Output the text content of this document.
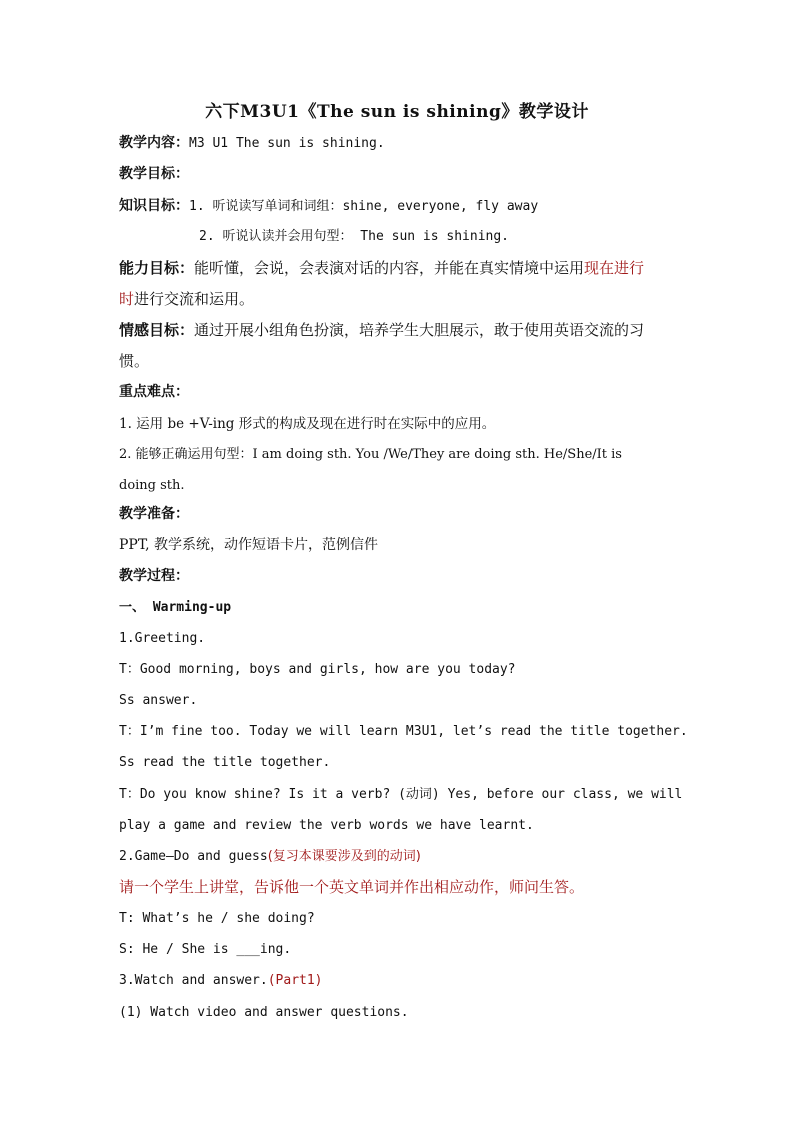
六下M3U1《The sun is shining》教学设计
教学内容：M3 U1 The sun is shining.
教学目标：
知识目标：1. 听说读写单词和词组：shine, everyone, fly away
2. 听说认读并会用句型： The sun is shining.
能力目标：能听懂，会说，会表演对话的内容，并能在真实情境中运用现在进行
时进行交流和运用。
情感目标：通过开展小组角色扮演，培养学生大胆展示，敢于使用英语交流的习
惯。
重点难点：
1. 运用 be +V-ing 形式的构成及现在进行时在实际中的应用。
2. 能够正确运用句型：I am doing sth. You /We/They are doing sth. He/She/It is
doing sth.
教学准备：
PPT, 教学系统，动作短语卡片，范例信件
教学过程：
一、 Warming-up
1.Greeting.
T：Good morning, boys and girls, how are you today?
Ss answer.
T：I’m fine too. Today we will learn M3U1, let’s read the title together.
Ss read the title together.
T：Do you know shine? Is it a verb? (动词) Yes, before our class, we will
play a game and review the verb words we have learnt.
2.Game—Do and guess(复习本课要涉及到的动词)
请一个学生上讲堂，告诉他一个英文单词并作出相应动作，师问生答。
T: What’s he / she doing?
S: He / She is ___ing.
3.Watch and answer.(Part1)
(1) Watch video and answer questions.
